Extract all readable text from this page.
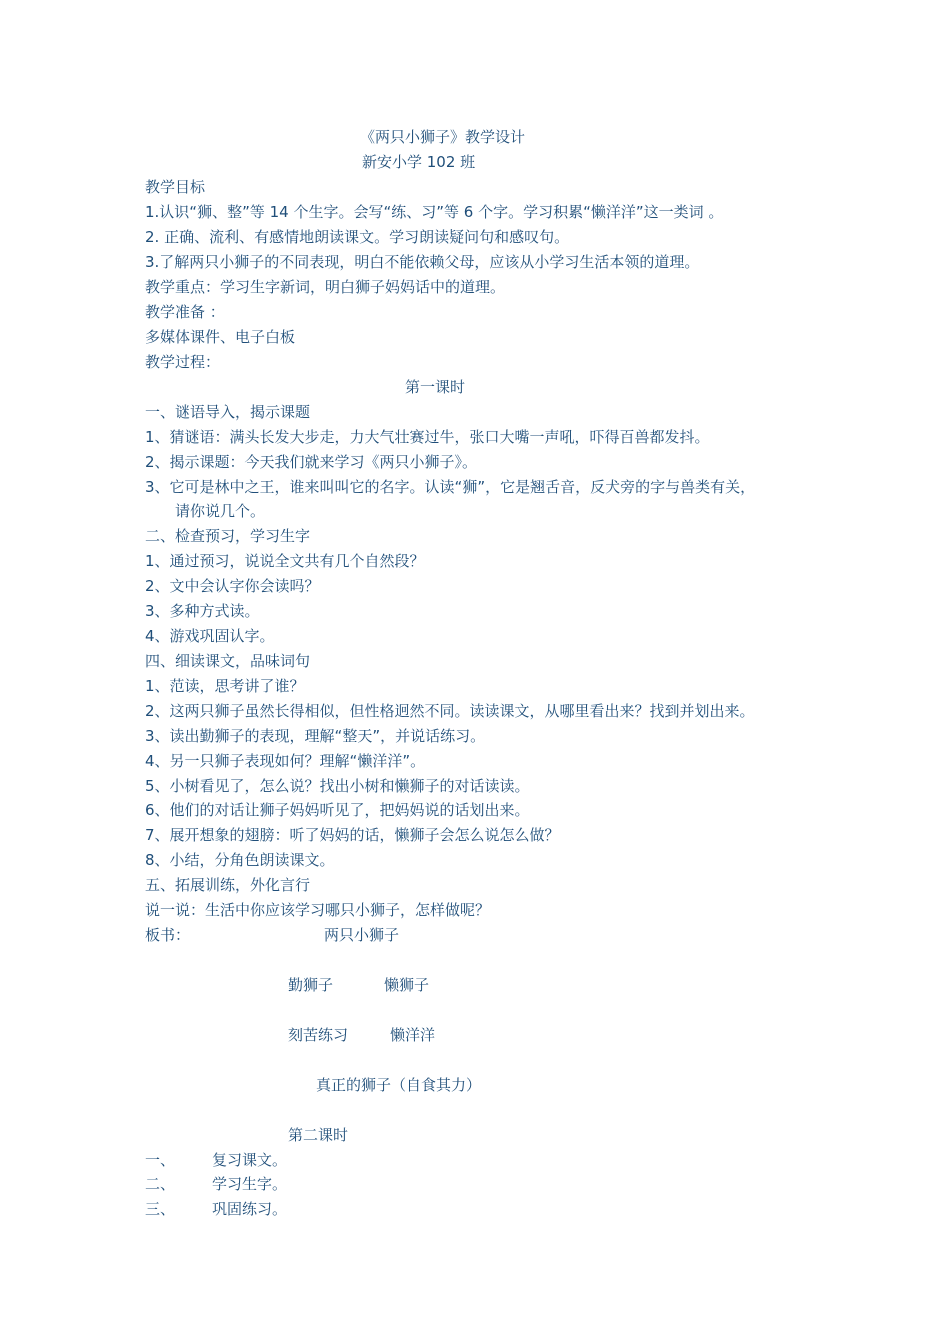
《两只小狮子》教学设计
新安小学 102 班
教学目标
1.认识“狮、整”等 14 个生字。会写“练、习”等 6 个字。学习积累“懒洋洋”这一类词 。
2. 正确、流利、有感情地朗读课文。学习朗读疑问句和感叹句。
3.了解两只小狮子的不同表现，明白不能依赖父母，应该从小学习生活本领的道理。
教学重点：学习生字新词，明白狮子妈妈话中的道理。
教学准备 ：
多媒体课件、电子白板
教学过程：
第一课时
一、谜语导入，揭示课题
1、猜谜语：满头长发大步走，力大气壮赛过牛，张口大嘴一声吼，吓得百兽都发抖。
2、揭示课题：今天我们就来学习《两只小狮子》。
3、它可是林中之王，谁来叫叫它的名字。认读“狮”，它是翘舌音，反犬旁的字与兽类有关，
请你说几个。
二、检查预习，学习生字
1、通过预习，说说全文共有几个自然段？
2、文中会认字你会读吗？
3、多种方式读。
4、游戏巩固认字。
四、细读课文，品味词句
1、范读，思考讲了谁？
2、这两只狮子虽然长得相似，但性格迥然不同。读读课文，从哪里看出来？找到并划出来。
3、读出勤狮子的表现，理解“整天”，并说话练习。
4、另一只狮子表现如何？理解“懒洋洋”。
5、小树看见了，怎么说？找出小树和懒狮子的对话读读。
6、他们的对话让狮子妈妈听见了，把妈妈说的话划出来。
7、展开想象的翅膀：听了妈妈的话，懒狮子会怎么说怎么做？
8、小结，分角色朗读课文。
五、拓展训练，外化言行
说一说：生活中你应该学习哪只小狮子，怎样做呢？
板书：	两只小狮子
勤狮子	懒狮子
刻苦练习	懒洋洋
真正的狮子（自食其力）
第二课时
一、 复习课文。
二、 学习生字。
三、 巩固练习。
